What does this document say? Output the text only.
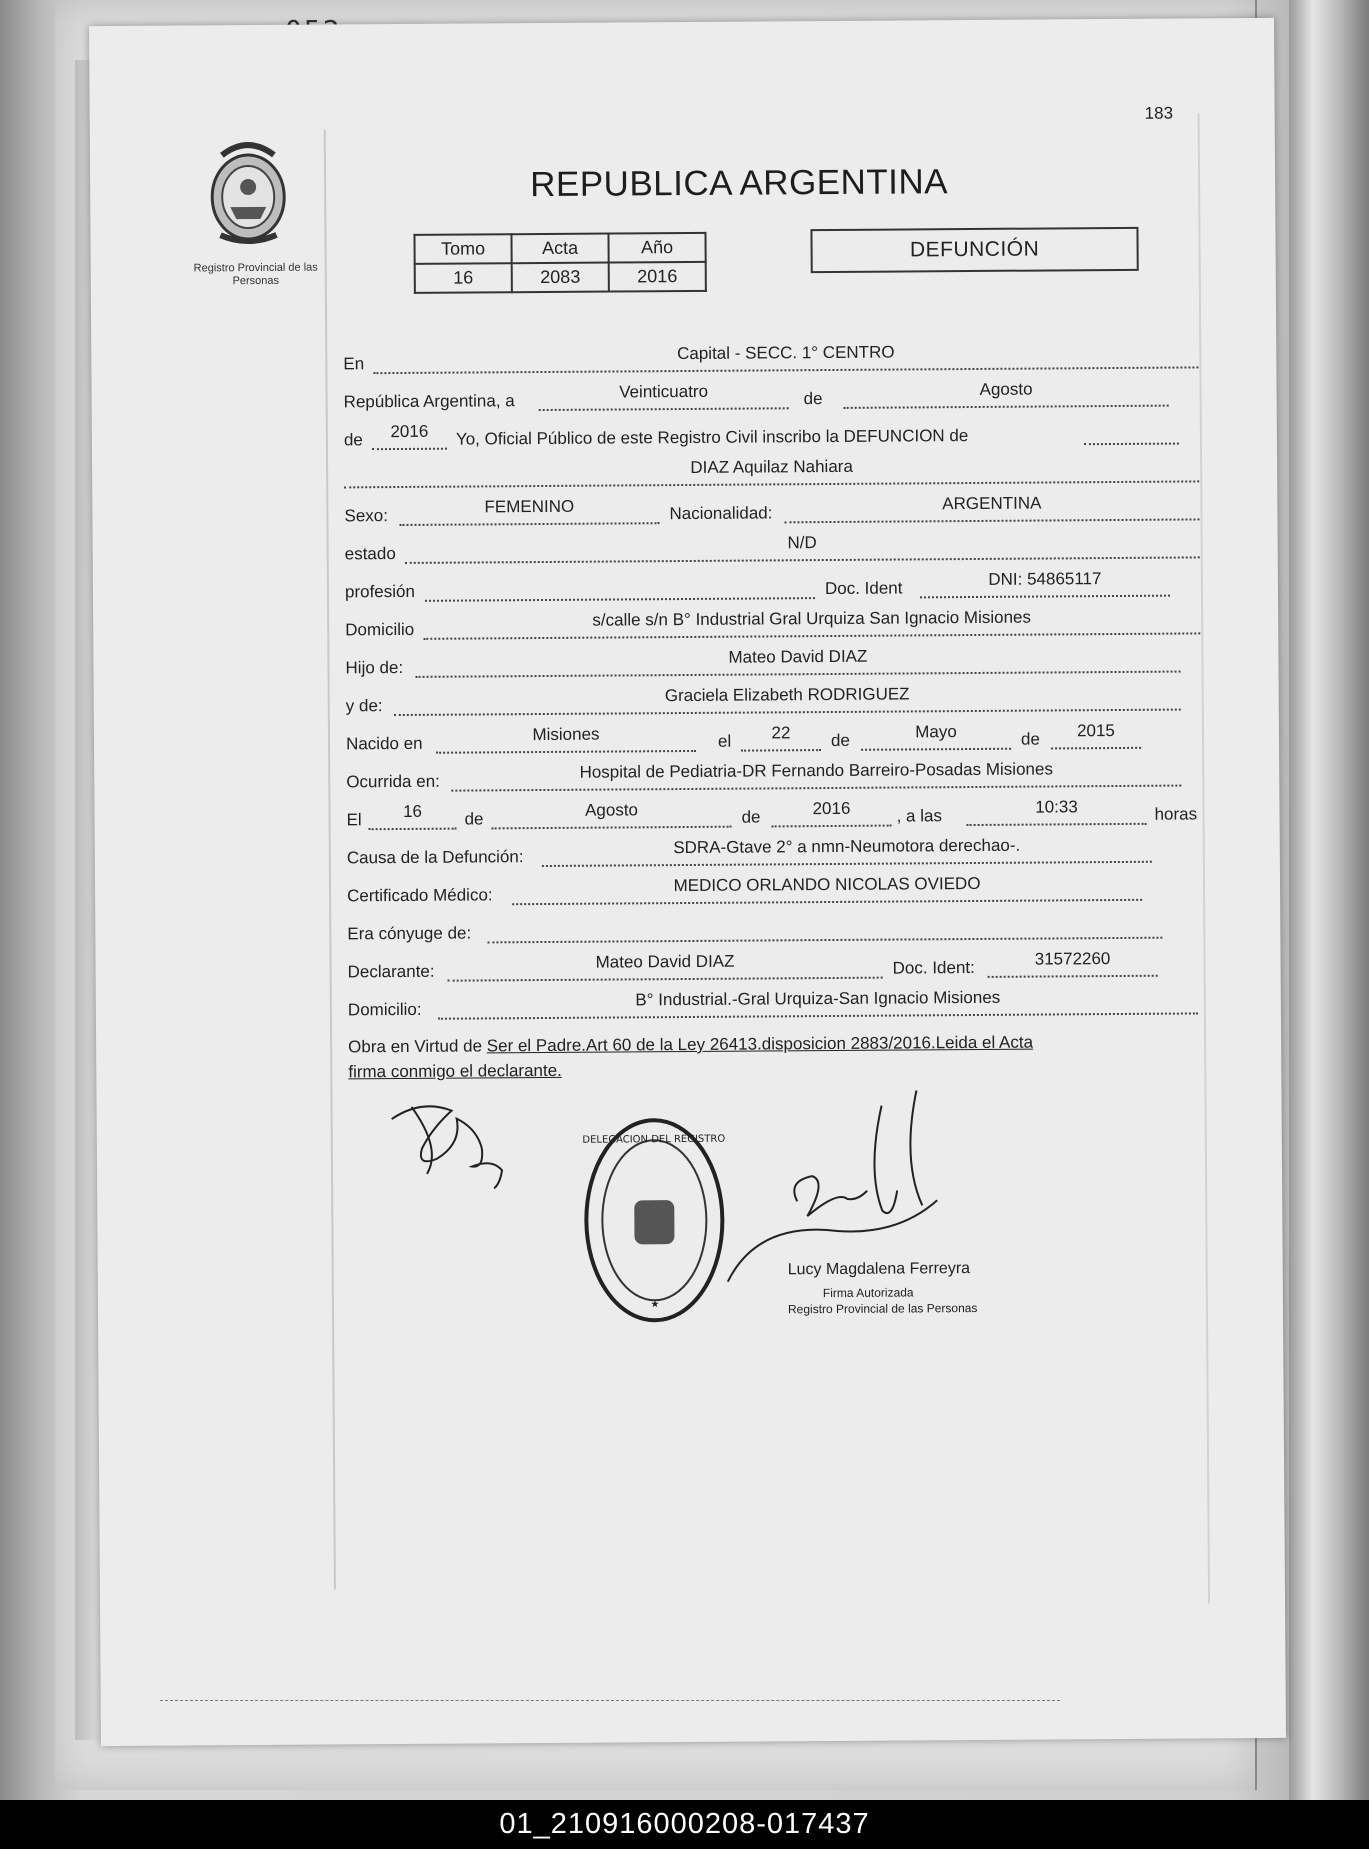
183
Registro Provincial de las Personas
REPUBLICA ARGENTINA
Tomo	Acta	Año
16	2083	2016
DEFUNCIÓN
En
Capital - SECC. 1° CENTRO
República Argentina, a	Veinticuatro	de	Agosto
de	2016	Yo, Oficial Público de este Registro Civil inscribo la DEFUNCION de
DIAZ Aquilaz Nahiara
Sexo:	FEMENINO	Nacionalidad:
ARGENTINA
estado
N/D
profesión	Doc. Ident	DNI: 54865117
Domicilio	s/calle s/n B° Industrial Gral Urquiza San Ignacio Misiones
Hijo de:
Mateo David DIAZ
y de:
Graciela Elizabeth RODRIGUEZ
Nacido en	Misiones	el	22	de	Mayo	de	2015
Ocurrida en:	Hospital de Pediatria-DR Fernando Barreiro-Posadas Misiones
El	16	de	Agosto	de	2016	, a las	10:33	horas
Causa de la Defunción:
SDRA-Gtave 2° a nmn-Neumotora derechao-.
Certificado Médico:
MEDICO ORLANDO NICOLAS OVIEDO
Era cónyuge de:
Declarante:	Mateo David DIAZ	Doc. Ident:	31572260
Domicilio:
B° Industrial.-Gral Urquiza-San Ignacio Misiones
Obra en Virtud de Ser el Padre.Art 60 de la Ley 26413.disposicion 2883/2016.Leida el Acta
firma conmigo el declarante.
DELEGACION DEL REGISTRO
★
Lucy Magdalena Ferreyra
Firma Autorizada
Registro Provincial de las Personas
01_210916000208-017437
